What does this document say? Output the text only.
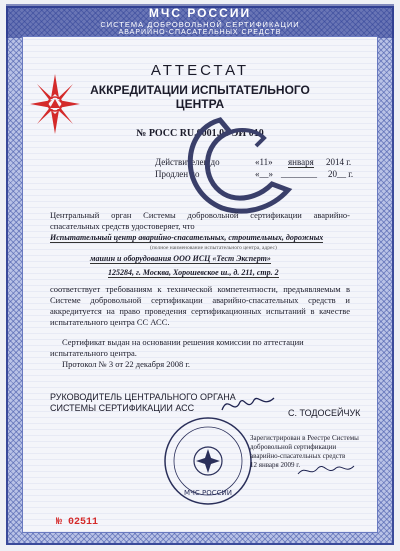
МЧС РОССИИ
СИСТЕМА ДОБРОВОЛЬНОЙ СЕРТИФИКАЦИИ
АВАРИЙНО-СПАСАТЕЛЬНЫХ СРЕДСТВ
АТТЕСТАТ
АККРЕДИТАЦИИ ИСПЫТАТЕЛЬНОГО
ЦЕНТРА
№ РОСС RU.0001.03 ЭИ 010
Действителен до	«11» января 2014 г.
Продлен до	«__» ________ 20__ г.
Центральный орган Системы добровольной сертификации аварийно-спасательных средств удостоверяет, что
Испытательный центр аварийно-спасательных, строительных, дорожных
(полное наименование испытательного центра, адрес)
машин и оборудования ООО ИСЦ «Тест Эксперт»
125284, г. Москва, Хорошевское ш., д. 211, стр. 2
соответствует требованиям к технической компетентности, предъявляемым в Системе добровольной сертификации аварийно-спасательных средств и аккредитуется на право проведения сертификационных испытаний в качестве испытательного центра СС АСС.
Сертификат выдан на основании решения комиссии по аттестации
испытательного центра.
Протокол № 3 от 22 декабря 2008 г.
РУКОВОДИТЕЛЬ ЦЕНТРАЛЬНОГО ОРГАНА
СИСТЕМЫ СЕРТИФИКАЦИИ АСС	С. ТОДОСЕЙЧУК
МЧС РОССИИ
Зарегистрирован в Реестре Системы
добровольной сертификации
аварийно-спасательных средств
12 января 2009 г.
№ 02511
